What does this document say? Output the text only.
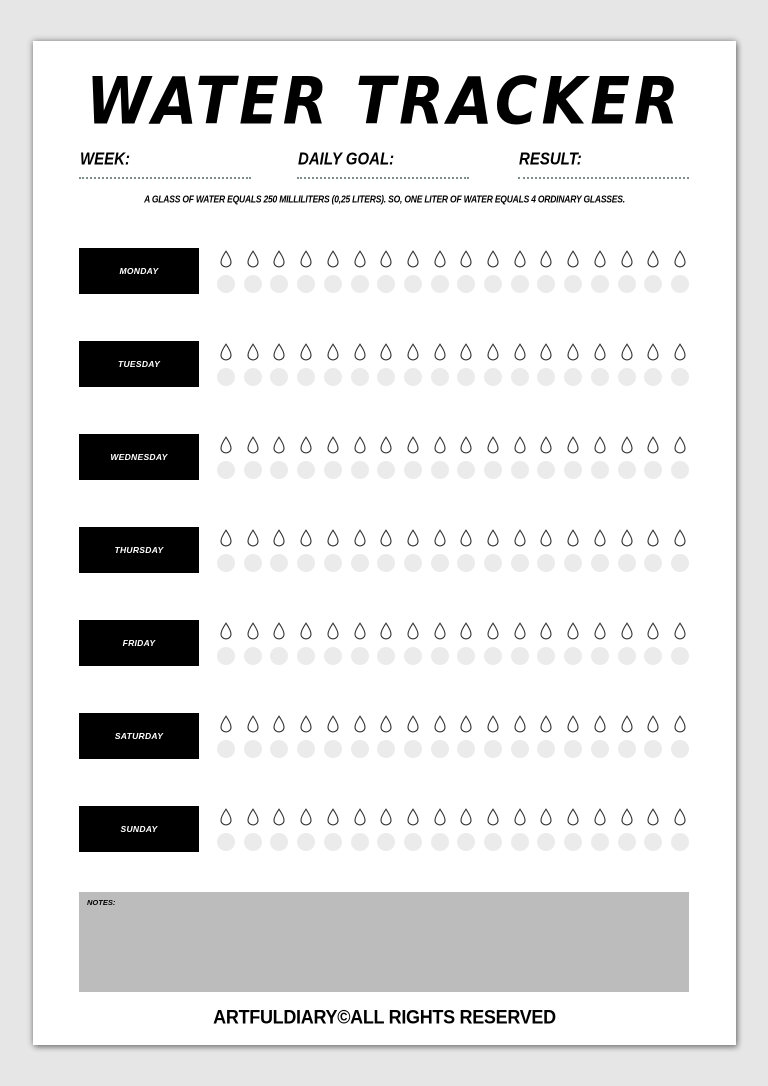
WATER TRACKER
WEEK:	DAILY GOAL:	RESULT:
A GLASS OF WATER EQUALS 250 MILLILITERS (0,25 LITERS). SO, ONE LITER OF WATER EQUALS 4 ORDINARY GLASSES.
MONDAY
TUESDAY
WEDNESDAY
THURSDAY
FRIDAY
SATURDAY
SUNDAY
NOTES:
ARTFULDIARY©ALL RIGHTS RESERVED
